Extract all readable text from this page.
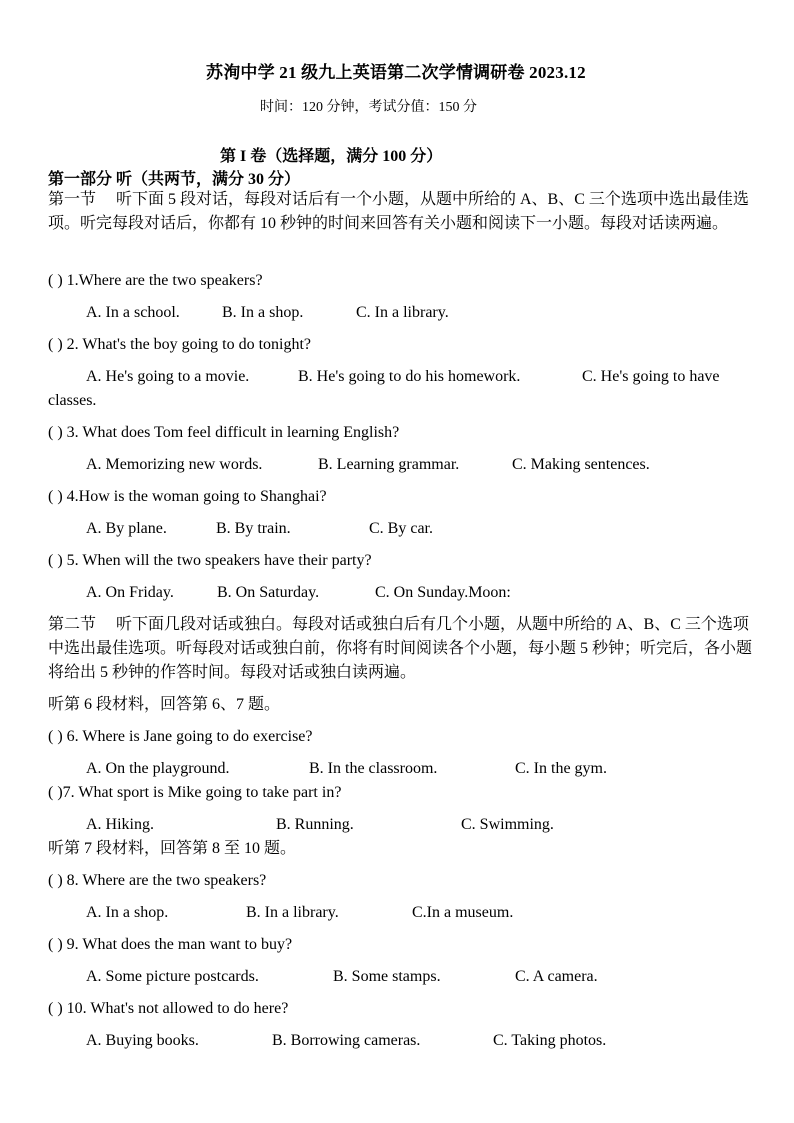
苏洵中学 21 级九上英语第二次学情调研卷 2023.12
时间：120 分钟，考试分值：150 分
第 I 卷（选择题，满分 100 分）
第一部分 听（共两节，满分 30 分）
第一节　 听下面 5 段对话，每段对话后有一个小题，从题中所给的 A、B、C 三个选项中选出最佳选项。听完每段对话后，你都有 10 秒钟的时间来回答有关小题和阅读下一小题。每段对话读两遍。
( ) 1.Where are the two speakers?
A. In a school.	B. In a shop.	C. In a library.
( ) 2. What's the boy going to do tonight?
A. He's going to a movie.	B. He's going to do his homework.	C. He's going to have
classes.
( ) 3. What does Tom feel difficult in learning English?
A. Memorizing new words.	B. Learning grammar.	C. Making sentences.
( ) 4.How is the woman going to Shanghai?
A. By plane.	B. By train.	C. By car.
( ) 5. When will the two speakers have their party?
A. On Friday.	B. On Saturday.	C. On Sunday.Moon:
第二节　 听下面几段对话或独白。每段对话或独白后有几个小题，从题中所给的 A、B、C 三个选项中选出最佳选项。听每段对话或独白前，你将有时间阅读各个小题，每小题 5 秒钟；听完后，各小题将给出 5 秒钟的作答时间。每段对话或独白读两遍。
听第 6 段材料，回答第 6、7 题。
( ) 6. Where is Jane going to do exercise?
A. On the playground.	B. In the classroom.	C. In the gym.
( )7. What sport is Mike going to take part in?
A. Hiking.	B. Running.	C. Swimming.
听第 7 段材料，回答第 8 至 10 题。
( ) 8. Where are the two speakers?
A. In a shop.	B. In a library.	C.In a museum.
( ) 9. What does the man want to buy?
A. Some picture postcards.	B. Some stamps.	C. A camera.
( ) 10. What's not allowed to do here?
A. Buying books.	B. Borrowing cameras.	C. Taking photos.
